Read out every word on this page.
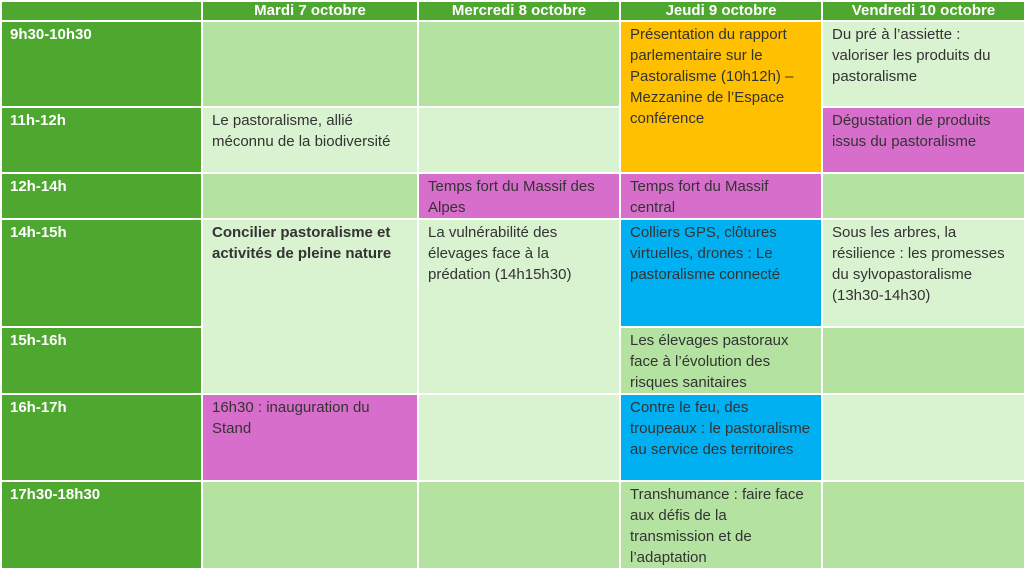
	Mardi 7 octobre	Mercredi 8 octobre	Jeudi 9 octobre	Vendredi 10 octobre
9h30-10h30			Présentation du rapport parlementaire sur le Pastoralisme (10h12h) – Mezzanine de l’Espace conférence	Du pré à l’assiette : valoriser les produits du pastoralisme
11h-12h	Le pastoralisme, allié méconnu de la biodiversité			Dégustation de produits issus du pastoralisme
12h-14h		Temps fort du Massif des Alpes	Temps fort du Massif central	
14h-15h	Concilier pastoralisme et activités de pleine nature	La vulnérabilité des élevages face à la prédation (14h15h30)	Colliers GPS, clôtures virtuelles, drones : Le pastoralisme connecté	Sous les arbres, la résilience : les promesses du sylvopastoralisme (13h30-14h30)
15h-16h			Les élevages pastoraux face à l’évolution des risques sanitaires	
16h-17h	16h30 : inauguration du Stand		Contre le feu, des troupeaux : le pastoralisme au service des territoires	
17h30-18h30			Transhumance : faire face aux défis de la transmission et de l’adaptation	
